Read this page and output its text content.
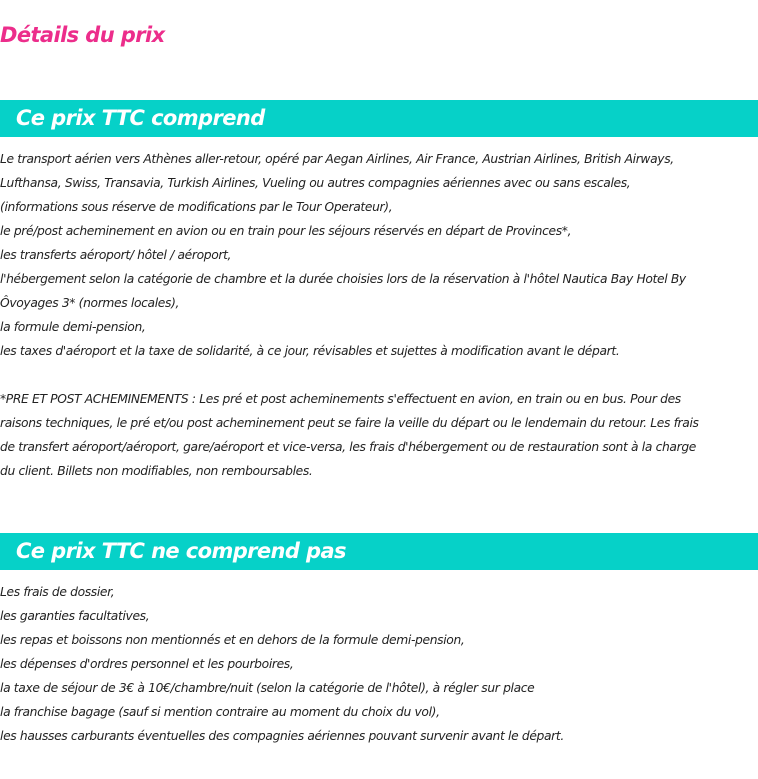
Détails du prix
Ce prix TTC comprend
Le transport aérien vers Athènes aller-retour, opéré par Aegan Airlines, Air France, Austrian Airlines, British Airways,
Lufthansa, Swiss, Transavia, Turkish Airlines, Vueling ou autres compagnies aériennes avec ou sans escales,
(informations sous réserve de modifications par le Tour Operateur),
le pré/post acheminement en avion ou en train pour les séjours réservés en départ de Provinces*,
les transferts aéroport/ hôtel / aéroport,
l'hébergement selon la catégorie de chambre et la durée choisies lors de la réservation à l'hôtel Nautica Bay Hotel By
Ôvoyages 3* (normes locales),
la formule demi-pension,
les taxes d'aéroport et la taxe de solidarité, à ce jour, révisables et sujettes à modification avant le départ.
*PRE ET POST ACHEMINEMENTS : Les pré et post acheminements s'effectuent en avion, en train ou en bus. Pour des
raisons techniques, le pré et/ou post acheminement peut se faire la veille du départ ou le lendemain du retour. Les frais
de transfert aéroport/aéroport, gare/aéroport et vice-versa, les frais d'hébergement ou de restauration sont à la charge
du client. Billets non modifiables, non remboursables.
Ce prix TTC ne comprend pas
Les frais de dossier,
les garanties facultatives,
les repas et boissons non mentionnés et en dehors de la formule demi-pension,
les dépenses d'ordres personnel et les pourboires,
la taxe de séjour de 3€ à 10€/chambre/nuit (selon la catégorie de l'hôtel), à régler sur place
la franchise bagage (sauf si mention contraire au moment du choix du vol),
les hausses carburants éventuelles des compagnies aériennes pouvant survenir avant le départ.
